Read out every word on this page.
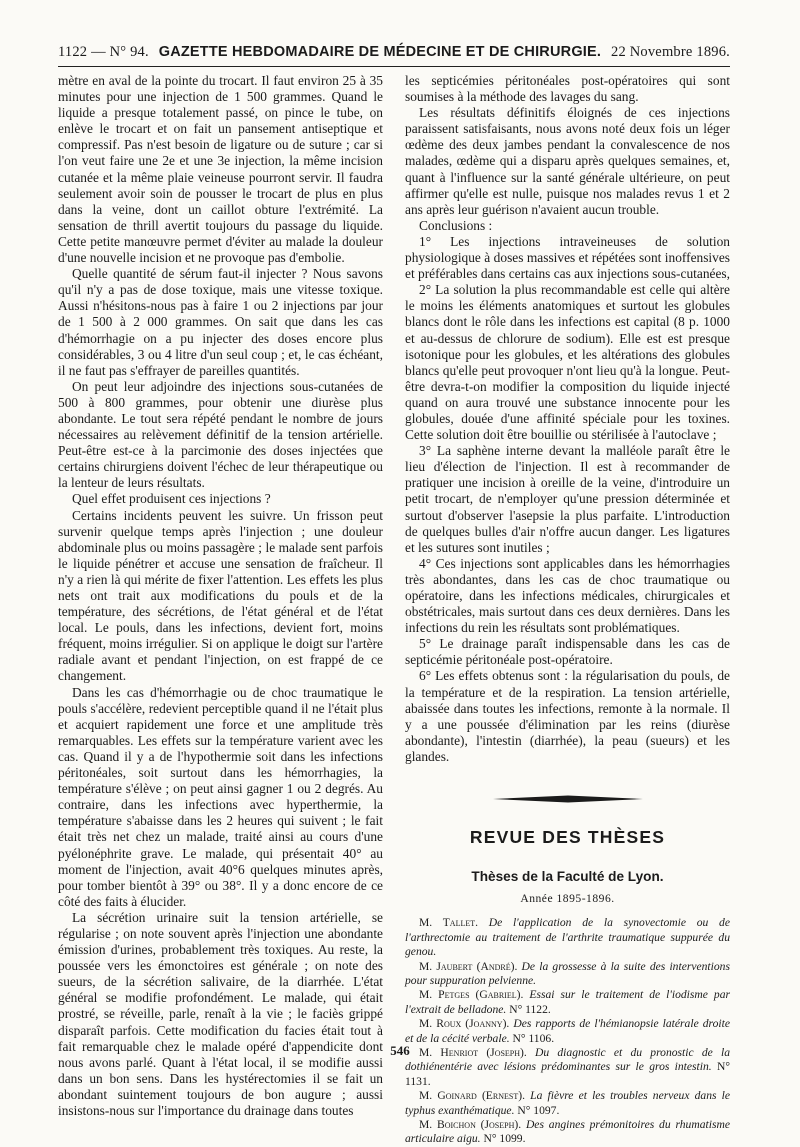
1122 — N° 94. GAZETTE HEBDOMADAIRE DE MÉDECINE ET DE CHIRURGIE. 22 Novembre 1896.

mètre en aval de la pointe du trocart. Il faut environ 25 à 35 minutes pour une injection de 1 500 grammes. Quand le liquide a presque totalement passé, on pince le tube, on enlève le trocart et on fait un pansement antiseptique et compressif. Pas n'est besoin de ligature ou de suture ; car si l'on veut faire une 2e et une 3e injection, la même incision cutanée et la même plaie veineuse pourront servir. Il faudra seulement avoir soin de pousser le trocart de plus en plus dans la veine, dont un caillot obture l'extrémité. La sensation de thrill avertit toujours du passage du liquide. Cette petite manœuvre permet d'éviter au malade la douleur d'une nouvelle incision et ne provoque pas d'embolie.

Quelle quantité de sérum faut-il injecter ? Nous savons qu'il n'y a pas de dose toxique, mais une vitesse toxique. Aussi n'hésitons-nous pas à faire 1 ou 2 injections par jour de 1 500 à 2 000 grammes. On sait que dans les cas d'hémorrhagie on a pu injecter des doses encore plus considérables, 3 ou 4 litre d'un seul coup ; et, le cas échéant, il ne faut pas s'effrayer de pareilles quantités.

On peut leur adjoindre des injections sous-cutanées de 500 à 800 grammes, pour obtenir une diurèse plus abondante. Le tout sera répété pendant le nombre de jours nécessaires au relèvement définitif de la tension artérielle. Peut-être est-ce à la parcimonie des doses injectées que certains chirurgiens doivent l'échec de leur thérapeutique ou la lenteur de leurs résultats.

Quel effet produisent ces injections ?

Certains incidents peuvent les suivre. Un frisson peut survenir quelque temps après l'injection ; une douleur abdominale plus ou moins passagère ; le malade sent parfois le liquide pénétrer et accuse une sensation de fraîcheur. Il n'y a rien là qui mérite de fixer l'attention. Les effets les plus nets ont trait aux modifications du pouls et de la température, des sécrétions, de l'état général et de l'état local. Le pouls, dans les infections, devient fort, moins fréquent, moins irrégulier. Si on applique le doigt sur l'artère radiale avant et pendant l'injection, on est frappé de ce changement.

Dans les cas d'hémorrhagie ou de choc traumatique le pouls s'accélère, redevient perceptible quand il ne l'était plus et acquiert rapidement une force et une amplitude très remarquables. Les effets sur la température varient avec les cas. Quand il y a de l'hypothermie soit dans les infections péritonéales, soit surtout dans les hémorrhagies, la température s'élève ; on peut ainsi gagner 1 ou 2 degrés. Au contraire, dans les infections avec hyperthermie, la température s'abaisse dans les 2 heures qui suivent ; le fait était très net chez un malade, traité ainsi au cours d'une pyélonéphrite grave. Le malade, qui présentait 40° au moment de l'injection, avait 40°6 quelques minutes après, pour tomber bientôt à 39° ou 38°. Il y a donc encore de ce côté des faits à élucider.

La sécrétion urinaire suit la tension artérielle, se régularise ; on note souvent après l'injection une abondante émission d'urines, probablement très toxiques. Au reste, la poussée vers les émonctoires est générale ; on note des sueurs, de la sécrétion salivaire, de la diarrhée. L'état général se modifie profondément. Le malade, qui était prostré, se réveille, parle, renaît à la vie ; le faciès grippé disparaît parfois. Cette modification du facies était tout à fait remarquable chez le malade opéré d'appendicite dont nous avons parlé. Quant à l'état local, il se modifie aussi dans un bon sens. Dans les hystérectomies il se fait un abondant suintement toujours de bon augure ; aussi insistons-nous sur l'importance du drainage dans toutes

les septicémies péritonéales post-opératoires qui sont soumises à la méthode des lavages du sang.

Les résultats définitifs éloignés de ces injections paraissent satisfaisants, nous avons noté deux fois un léger œdème des deux jambes pendant la convalescence de nos malades, œdème qui a disparu après quelques semaines, et, quant à l'influence sur la santé générale ultérieure, on peut affirmer qu'elle est nulle, puisque nos malades revus 1 et 2 ans après leur guérison n'avaient aucun trouble.

Conclusions :

1° Les injections intraveineuses de solution physiologique à doses massives et répétées sont inoffensives et préférables dans certains cas aux injections sous-cutanées,

2° La solution la plus recommandable est celle qui altère le moins les éléments anatomiques et surtout les globules blancs dont le rôle dans les infections est capital (8 p. 1000 et au-dessus de chlorure de sodium). Elle est est presque isotonique pour les globules, et les altérations des globules blancs qu'elle peut provoquer n'ont lieu qu'à la longue. Peut-être devra-t-on modifier la composition du liquide injecté quand on aura trouvé une substance innocente pour les globules, douée d'une affinité spéciale pour les toxines. Cette solution doit être bouillie ou stérilisée à l'autoclave ;

3° La saphène interne devant la malléole paraît être le lieu d'élection de l'injection. Il est à recommander de pratiquer une incision à oreille de la veine, d'introduire un petit trocart, de n'employer qu'une pression déterminée et surtout d'observer l'asepsie la plus parfaite. L'introduction de quelques bulles d'air n'offre aucun danger. Les ligatures et les sutures sont inutiles ;

4° Ces injections sont applicables dans les hémorrhagies très abondantes, dans les cas de choc traumatique ou opératoire, dans les infections médicales, chirurgicales et obstétricales, mais surtout dans ces deux dernières. Dans les infections du rein les résultats sont problématiques.

5° Le drainage paraît indispensable dans les cas de septicémie péritonéale post-opératoire.

6° Les effets obtenus sont : la régularisation du pouls, de la température et de la respiration. La tension artérielle, abaissée dans toutes les infections, remonte à la normale. Il y a une poussée d'élimination par les reins (diurèse abondante), l'intestin (diarrhée), la peau (sueurs) et les glandes.

REVUE DES THÈSES
Thèses de la Faculté de Lyon.
Année 1895-1896.

M. Tallet. De l'application de la synovectomie ou de l'arthrectomie au traitement de l'arthrite traumatique suppurée du genou.

M. Jaubert (André). De la grossesse à la suite des interventions pour suppuration pelvienne.

M. Petges (Gabriel). Essai sur le traitement de l'iodisme par l'extrait de belladone. N° 1122.

M. Roux (Joanny). Des rapports de l'hémianopsie latérale droite et de la cécité verbale. N° 1106.

M. Henriot (Joseph). Du diagnostic et du pronostic de la dothiénentérie avec lésions prédominantes sur le gros intestin. N° 1131.

M. Goinard (Ernest). La fièvre et les troubles nerveux dans le typhus exanthématique. N° 1097.

M. Boichon (Joseph). Des angines prémonitoires du rhumatisme articulaire aigu. N° 1099.

546
